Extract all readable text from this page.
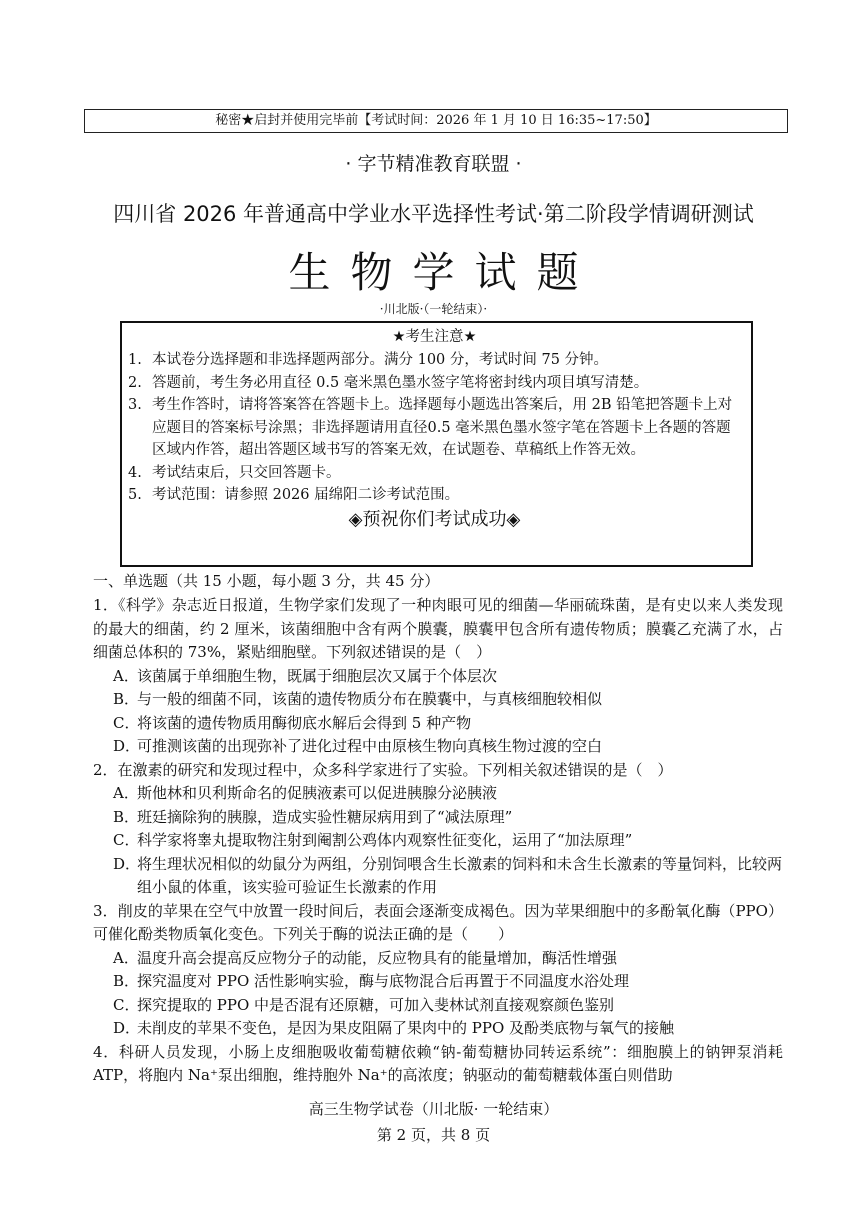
秘密★启封并使用完毕前【考试时间：2026 年 1 月 10 日 16:35~17:50】
· 字节精准教育联盟 ·
四川省 2026 年普通高中学业水平选择性考试·第二阶段学情调研测试
生物学试题
·川北版·（一轮结束）·
★考生注意★
1. 本试卷分选择题和非选择题两部分。满分 100 分，考试时间 75 分钟。
2. 答题前，考生务必用直径 0.5 毫米黑色墨水签字笔将密封线内项目填写清楚。
3. 考生作答时，请将答案答在答题卡上。选择题每小题选出答案后，用 2B 铅笔把答题卡上对应题目的答案标号涂黑；非选择题请用直径0.5 毫米黑色墨水签字笔在答题卡上各题的答题区域内作答，超出答题区域书写的答案无效，在试题卷、草稿纸上作答无效。
4. 考试结束后，只交回答题卡。
5. 考试范围：请参照 2026 届绵阳二诊考试范围。
◈预祝你们考试成功◈
一、单选题（共 15 小题，每小题 3 分，共 45 分）
1．《科学》杂志近日报道，生物学家们发现了一种肉眼可见的细菌—华丽硫珠菌，是有史以来人类发现的最大的细菌，约 2 厘米，该菌细胞中含有两个膜囊，膜囊甲包含所有遗传物质；膜囊乙充满了水，占细菌总体积的 73%，紧贴细胞壁。下列叙述错误的是（　）
A．
该菌属于单细胞生物，既属于细胞层次又属于个体层次
B．
与一般的细菌不同，该菌的遗传物质分布在膜囊中，与真核细胞较相似
C．
将该菌的遗传物质用酶彻底水解后会得到 5 种产物
D．
可推测该菌的出现弥补了进化过程中由原核生物向真核生物过渡的空白
2．在激素的研究和发现过程中，众多科学家进行了实验。下列相关叙述错误的是（　）
A．
斯他林和贝利斯命名的促胰液素可以促进胰腺分泌胰液
B．
班廷摘除狗的胰腺，造成实验性糖尿病用到了“减法原理”
C．
科学家将睾丸提取物注射到阉割公鸡体内观察性征变化，运用了“加法原理”
D．
将生理状况相似的幼鼠分为两组，分别饲喂含生长激素的饲料和未含生长激素的等量饲料，比较两组小鼠的体重，该实验可验证生长激素的作用
3．削皮的苹果在空气中放置一段时间后，表面会逐渐变成褐色。因为苹果细胞中的多酚氧化酶（PPO）可催化酚类物质氧化变色。下列关于酶的说法正确的是（　　）
A．
温度升高会提高反应物分子的动能，反应物具有的能量增加，酶活性增强
B．
探究温度对 PPO 活性影响实验，酶与底物混合后再置于不同温度水浴处理
C．
探究提取的 PPO 中是否混有还原糖，可加入斐林试剂直接观察颜色鉴别
D．
未削皮的苹果不变色，是因为果皮阻隔了果肉中的 PPO 及酚类底物与氧气的接触
4．科研人员发现，小肠上皮细胞吸收葡萄糖依赖“钠-葡萄糖协同转运系统”：细胞膜上的钠钾泵消耗 ATP，将胞内 Na⁺泵出细胞，维持胞外 Na⁺的高浓度；钠驱动的葡萄糖载体蛋白则借助
高三生物学试卷（川北版· 一轮结束）
第 2 页，共 8 页
